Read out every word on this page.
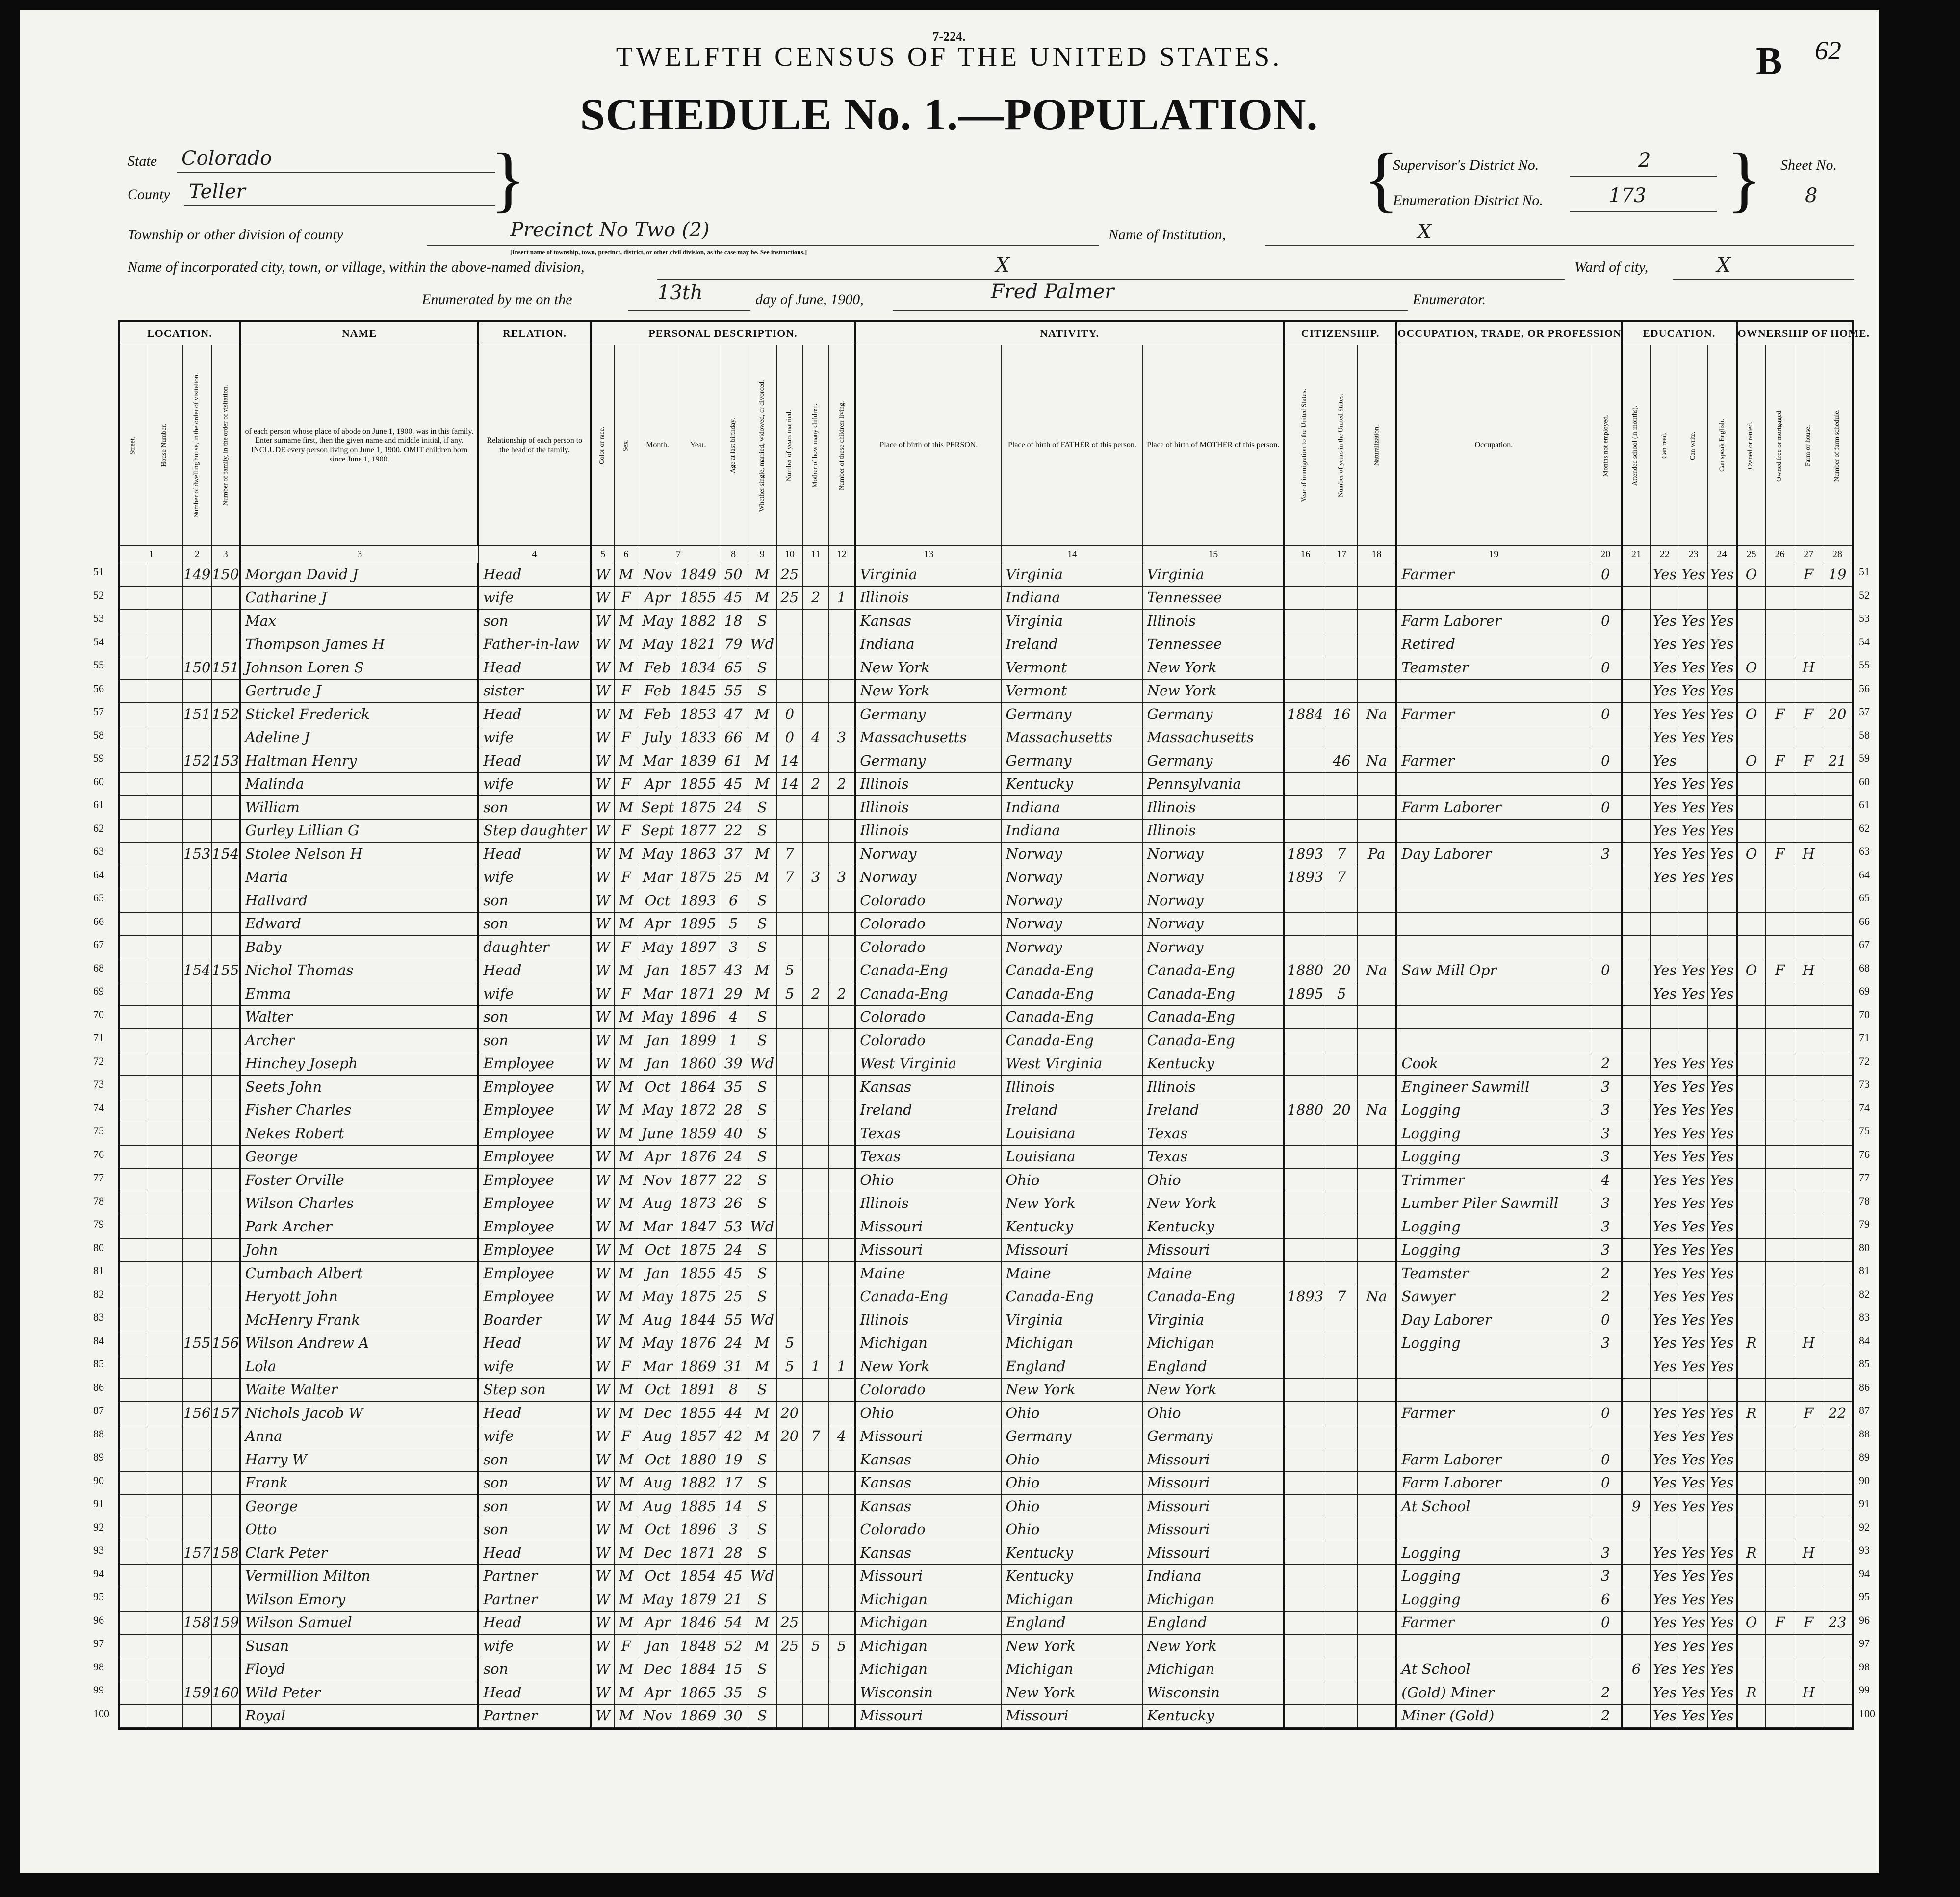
7-224.
TWELFTH CENSUS OF THE UNITED STATES.	B 62
SCHEDULE No. 1.—POPULATION.
State Colorado
County Teller	}	{
Supervisor's District No.	2
Enumeration District No.	173 } Sheet No.
8
Township or other division of county	Precinct No Two (2)
[Insert name of township, town, precinct, district, or other civil division, as the case may be. See instructions.]
Name of Institution,	X
Name of incorporated city, town, or village, within the above-named division,	X	Ward of city,	X
Enumerated by me on the	13th	day of June, 1900,	Fred Palmer	Enumerator.
LOCATION.				NAME	RELATION.	PERSONAL DESCRIPTION.									NATIVITY.			CITIZENSHIP.			OCCUPATION, TRADE, OR PROFESSION		EDUCATION.				OWNERSHIP OF HOME.			
Street.	House Number.	Number of dwelling house, in the order of visitation.	Number of family, in the order of visitation.	of each person whose place of abode on June 1, 1900, was in this family. Enter surname first, then the given name and middle initial, if any. INCLUDE every person living on June 1, 1900. OMIT children born since June 1, 1900.	Relationship of each person to the head of the family.	Color or race.	Sex.	Month.	Year.	Age at last birthday.	Whether single, married, widowed, or divorced.	Number of years married.	Mother of how many children.	Number of these children living.	Place of birth of this PERSON.	Place of birth of FATHER of this person.	Place of birth of MOTHER of this person.	Year of immigration to the United States.	Number of years in the United States.	Naturalization.	Occupation.	Months not employed.	Attended school (in months).	Can read.	Can write.	Can speak English.	Owned or rented.	Owned free or mortgaged.	Farm or house.	Number of farm schedule.
1		2	3	3	4	5	6	7		8	9	10	11	12	13	14	15	16	17	18	19	20	21	22	23	24	25	26	27	28
		149	150	Morgan David J	Head	W	M	Nov	1849	50	M	25			Virginia	Virginia	Virginia				Farmer	0		Yes	Yes	Yes	O		F	19
				Catharine J	wife	W	F	Apr	1855	45	M	25	2	1	Illinois	Indiana	Tennessee													
				Max	son	W	M	May	1882	18	S				Kansas	Virginia	Illinois				Farm Laborer	0		Yes	Yes	Yes				
				Thompson James H	Father-in-law	W	M	May	1821	79	Wd				Indiana	Ireland	Tennessee				Retired			Yes	Yes	Yes				
		150	151	Johnson Loren S	Head	W	M	Feb	1834	65	S				New York	Vermont	New York				Teamster	0		Yes	Yes	Yes	O		H	
				Gertrude J	sister	W	F	Feb	1845	55	S				New York	Vermont	New York							Yes	Yes	Yes				
		151	152	Stickel Frederick	Head	W	M	Feb	1853	47	M	0			Germany	Germany	Germany	1884	16	Na	Farmer	0		Yes	Yes	Yes	O	F	F	20
				Adeline J	wife	W	F	July	1833	66	M	0	4	3	Massachusetts	Massachusetts	Massachusetts							Yes	Yes	Yes				
		152	153	Haltman Henry	Head	W	M	Mar	1839	61	M	14			Germany	Germany	Germany		46	Na	Farmer	0		Yes			O	F	F	21
				Malinda	wife	W	F	Apr	1855	45	M	14	2	2	Illinois	Kentucky	Pennsylvania							Yes	Yes	Yes				
				William	son	W	M	Sept	1875	24	S				Illinois	Indiana	Illinois				Farm Laborer	0		Yes	Yes	Yes				
				Gurley Lillian G	Step daughter	W	F	Sept	1877	22	S				Illinois	Indiana	Illinois							Yes	Yes	Yes				
		153	154	Stolee Nelson H	Head	W	M	May	1863	37	M	7			Norway	Norway	Norway	1893	7	Pa	Day Laborer	3		Yes	Yes	Yes	O	F	H	
				Maria	wife	W	F	Mar	1875	25	M	7	3	3	Norway	Norway	Norway	1893	7					Yes	Yes	Yes				
				Hallvard	son	W	M	Oct	1893	6	S				Colorado	Norway	Norway													
				Edward	son	W	M	Apr	1895	5	S				Colorado	Norway	Norway													
				Baby	daughter	W	F	May	1897	3	S				Colorado	Norway	Norway													
		154	155	Nichol Thomas	Head	W	M	Jan	1857	43	M	5			Canada-Eng	Canada-Eng	Canada-Eng	1880	20	Na	Saw Mill Opr	0		Yes	Yes	Yes	O	F	H	
				Emma	wife	W	F	Mar	1871	29	M	5	2	2	Canada-Eng	Canada-Eng	Canada-Eng	1895	5					Yes	Yes	Yes				
				Walter	son	W	M	May	1896	4	S				Colorado	Canada-Eng	Canada-Eng													
				Archer	son	W	M	Jan	1899	1	S				Colorado	Canada-Eng	Canada-Eng													
				Hinchey Joseph	Employee	W	M	Jan	1860	39	Wd				West Virginia	West Virginia	Kentucky				Cook	2		Yes	Yes	Yes				
				Seets John	Employee	W	M	Oct	1864	35	S				Kansas	Illinois	Illinois				Engineer Sawmill	3		Yes	Yes	Yes				
				Fisher Charles	Employee	W	M	May	1872	28	S				Ireland	Ireland	Ireland	1880	20	Na	Logging	3		Yes	Yes	Yes				
				Nekes Robert	Employee	W	M	June	1859	40	S				Texas	Louisiana	Texas				Logging	3		Yes	Yes	Yes				
				George	Employee	W	M	Apr	1876	24	S				Texas	Louisiana	Texas				Logging	3		Yes	Yes	Yes				
				Foster Orville	Employee	W	M	Nov	1877	22	S				Ohio	Ohio	Ohio				Trimmer	4		Yes	Yes	Yes				
				Wilson Charles	Employee	W	M	Aug	1873	26	S				Illinois	New York	New York				Lumber Piler Sawmill	3		Yes	Yes	Yes				
				Park Archer	Employee	W	M	Mar	1847	53	Wd				Missouri	Kentucky	Kentucky				Logging	3		Yes	Yes	Yes				
				John	Employee	W	M	Oct	1875	24	S				Missouri	Missouri	Missouri				Logging	3		Yes	Yes	Yes				
				Cumbach Albert	Employee	W	M	Jan	1855	45	S				Maine	Maine	Maine				Teamster	2		Yes	Yes	Yes				
				Heryott John	Employee	W	M	May	1875	25	S				Canada-Eng	Canada-Eng	Canada-Eng	1893	7	Na	Sawyer	2		Yes	Yes	Yes				
				McHenry Frank	Boarder	W	M	Aug	1844	55	Wd				Illinois	Virginia	Virginia				Day Laborer	0		Yes	Yes	Yes				
		155	156	Wilson Andrew A	Head	W	M	May	1876	24	M	5			Michigan	Michigan	Michigan				Logging	3		Yes	Yes	Yes	R		H	
				Lola	wife	W	F	Mar	1869	31	M	5	1	1	New York	England	England							Yes	Yes	Yes				
				Waite Walter	Step son	W	M	Oct	1891	8	S				Colorado	New York	New York													
		156	157	Nichols Jacob W	Head	W	M	Dec	1855	44	M	20			Ohio	Ohio	Ohio				Farmer	0		Yes	Yes	Yes	R		F	22
				Anna	wife	W	F	Aug	1857	42	M	20	7	4	Missouri	Germany	Germany							Yes	Yes	Yes				
				Harry W	son	W	M	Oct	1880	19	S				Kansas	Ohio	Missouri				Farm Laborer	0		Yes	Yes	Yes				
				Frank	son	W	M	Aug	1882	17	S				Kansas	Ohio	Missouri				Farm Laborer	0		Yes	Yes	Yes				
				George	son	W	M	Aug	1885	14	S				Kansas	Ohio	Missouri				At School		9	Yes	Yes	Yes				
				Otto	son	W	M	Oct	1896	3	S				Colorado	Ohio	Missouri													
		157	158	Clark Peter	Head	W	M	Dec	1871	28	S				Kansas	Kentucky	Missouri				Logging	3		Yes	Yes	Yes	R		H	
				Vermillion Milton	Partner	W	M	Oct	1854	45	Wd				Missouri	Kentucky	Indiana				Logging	3		Yes	Yes	Yes				
				Wilson Emory	Partner	W	M	May	1879	21	S				Michigan	Michigan	Michigan				Logging	6		Yes	Yes	Yes				
		158	159	Wilson Samuel	Head	W	M	Apr	1846	54	M	25			Michigan	England	England				Farmer	0		Yes	Yes	Yes	O	F	F	23
				Susan	wife	W	F	Jan	1848	52	M	25	5	5	Michigan	New York	New York							Yes	Yes	Yes				
				Floyd	son	W	M	Dec	1884	15	S				Michigan	Michigan	Michigan				At School		6	Yes	Yes	Yes				
		159	160	Wild Peter	Head	W	M	Apr	1865	35	S				Wisconsin	New York	Wisconsin				(Gold) Miner	2		Yes	Yes	Yes	R		H	
				Royal	Partner	W	M	Nov	1869	30	S				Missouri	Missouri	Kentucky				Miner (Gold)	2		Yes	Yes	Yes				
51	51
52	52
53	53
54	54
55	55
56	56
57	57
58	58
59	59
60	60
61	61
62	62
63	63
64	64
65	65
66	66
67	67
68	68
69	69
70	70
71	71
72	72
73	73
74	74
75	75
76	76
77	77
78	78
79	79
80	80
81	81
82	82
83	83
84	84
85	85
86	86
87	87
88	88
89	89
90	90
91	91
92	92
93	93
94	94
95	95
96	96
97	97
98	98
99	99
100	100
